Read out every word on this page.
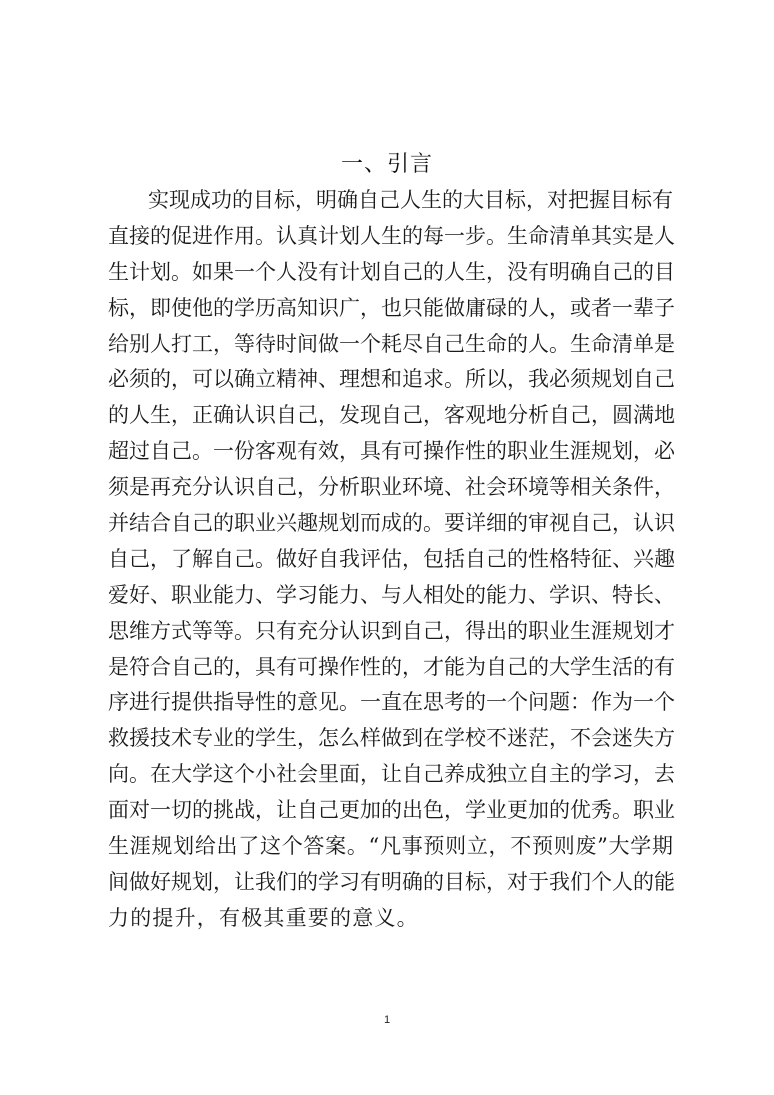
一、引言
实现成功的目标，明确自己人生的大目标，对把握目标有
直接的促进作用。认真计划人生的每一步。生命清单其实是人
生计划。如果一个人没有计划自己的人生，没有明确自己的目
标，即使他的学历高知识广，也只能做庸碌的人，或者一辈子
给别人打工，等待时间做一个耗尽自己生命的人。生命清单是
必须的，可以确立精神、理想和追求。所以，我必须规划自己
的人生，正确认识自己，发现自己，客观地分析自己，圆满地
超过自己。一份客观有效，具有可操作性的职业生涯规划，必
须是再充分认识自己，分析职业环境、社会环境等相关条件，
并结合自己的职业兴趣规划而成的。要详细的审视自己，认识
自己，了解自己。做好自我评估，包括自己的性格特征、兴趣
爱好、职业能力、学习能力、与人相处的能力、学识、特长、
思维方式等等。只有充分认识到自己，得出的职业生涯规划才
是符合自己的，具有可操作性的，才能为自己的大学生活的有
序进行提供指导性的意见。一直在思考的一个问题：作为一个
救援技术专业的学生，怎么样做到在学校不迷茫，不会迷失方
向。在大学这个小社会里面，让自己养成独立自主的学习，去
面对一切的挑战，让自己更加的出色，学业更加的优秀。职业
生涯规划给出了这个答案。“凡事预则立，不预则废”大学期
间做好规划，让我们的学习有明确的目标，对于我们个人的能
力的提升，有极其重要的意义。
1
